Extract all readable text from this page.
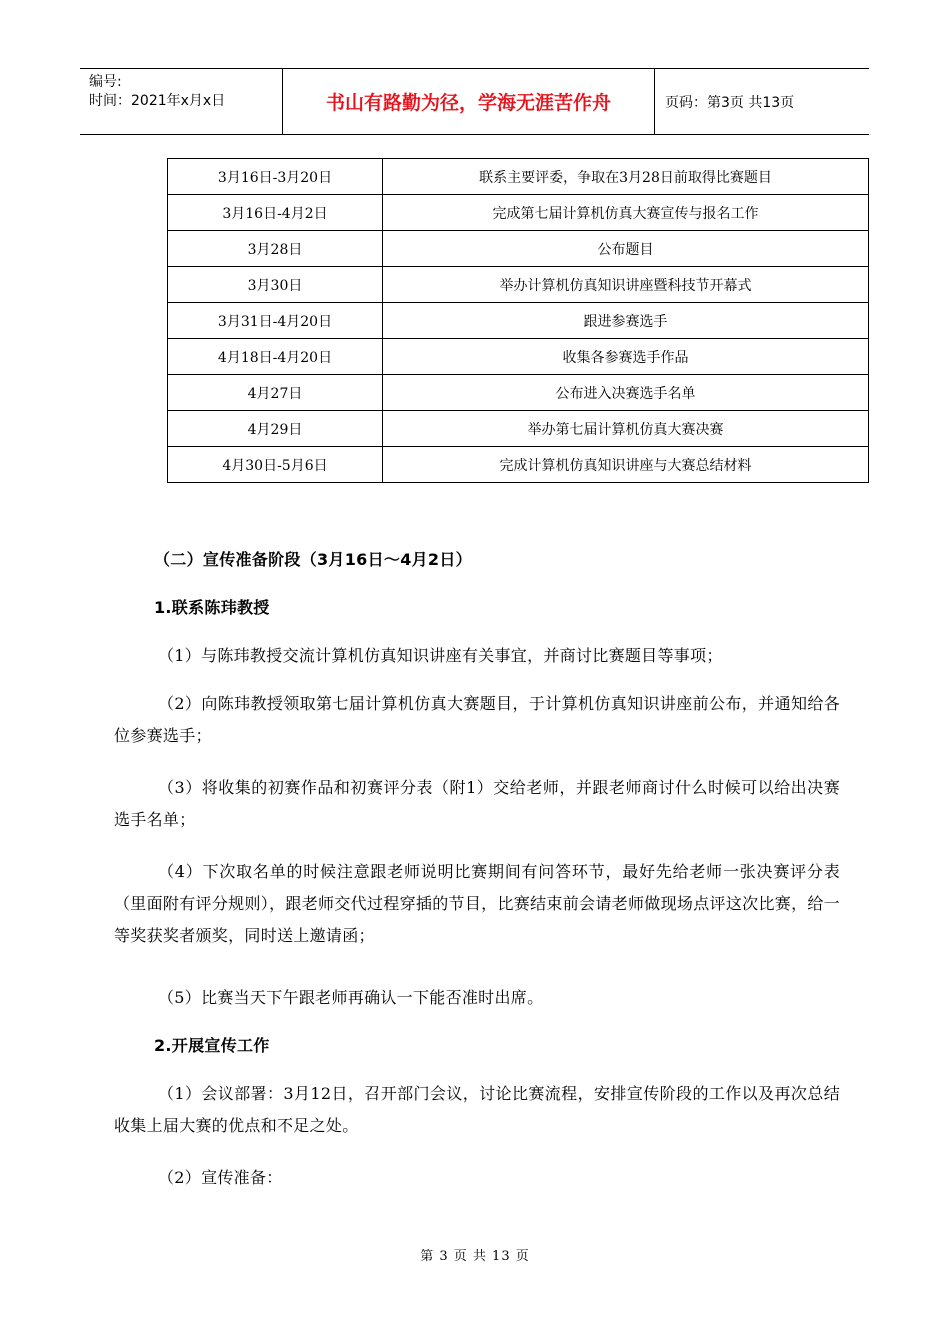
编号:
时间：2021年x月x日	书山有路勤为径，学海无涯苦作舟	页码：第3页 共13页
3月16日-3月20日	联系主要评委，争取在3月28日前取得比赛题目
3月16日-4月2日	完成第七届计算机仿真大赛宣传与报名工作
3月28日	公布题目
3月30日	举办计算机仿真知识讲座暨科技节开幕式
3月31日-4月20日	跟进参赛选手
4月18日-4月20日	收集各参赛选手作品
4月27日	公布进入决赛选手名单
4月29日	举办第七届计算机仿真大赛决赛
4月30日-5月6日	完成计算机仿真知识讲座与大赛总结材料
（二）宣传准备阶段（3月16日～4月2日）
1.联系陈玮教授
（1）与陈玮教授交流计算机仿真知识讲座有关事宜，并商讨比赛题目等事项；
（2）向陈玮教授领取第七届计算机仿真大赛题目，于计算机仿真知识讲座前公布，并通知给各位参赛选手；
（3）将收集的初赛作品和初赛评分表（附1）交给老师，并跟老师商讨什么时候可以给出决赛选手名单；
（4）下次取名单的时候注意跟老师说明比赛期间有问答环节，最好先给老师一张决赛评分表（里面附有评分规则），跟老师交代过程穿插的节目，比赛结束前会请老师做现场点评这次比赛，给一等奖获奖者颁奖，同时送上邀请函；
（5）比赛当天下午跟老师再确认一下能否准时出席。
2.开展宣传工作
（1）会议部署：3月12日，召开部门会议，讨论比赛流程，安排宣传阶段的工作以及再次总结收集上届大赛的优点和不足之处。
（2）宣传准备：
第 3 页 共 13 页
